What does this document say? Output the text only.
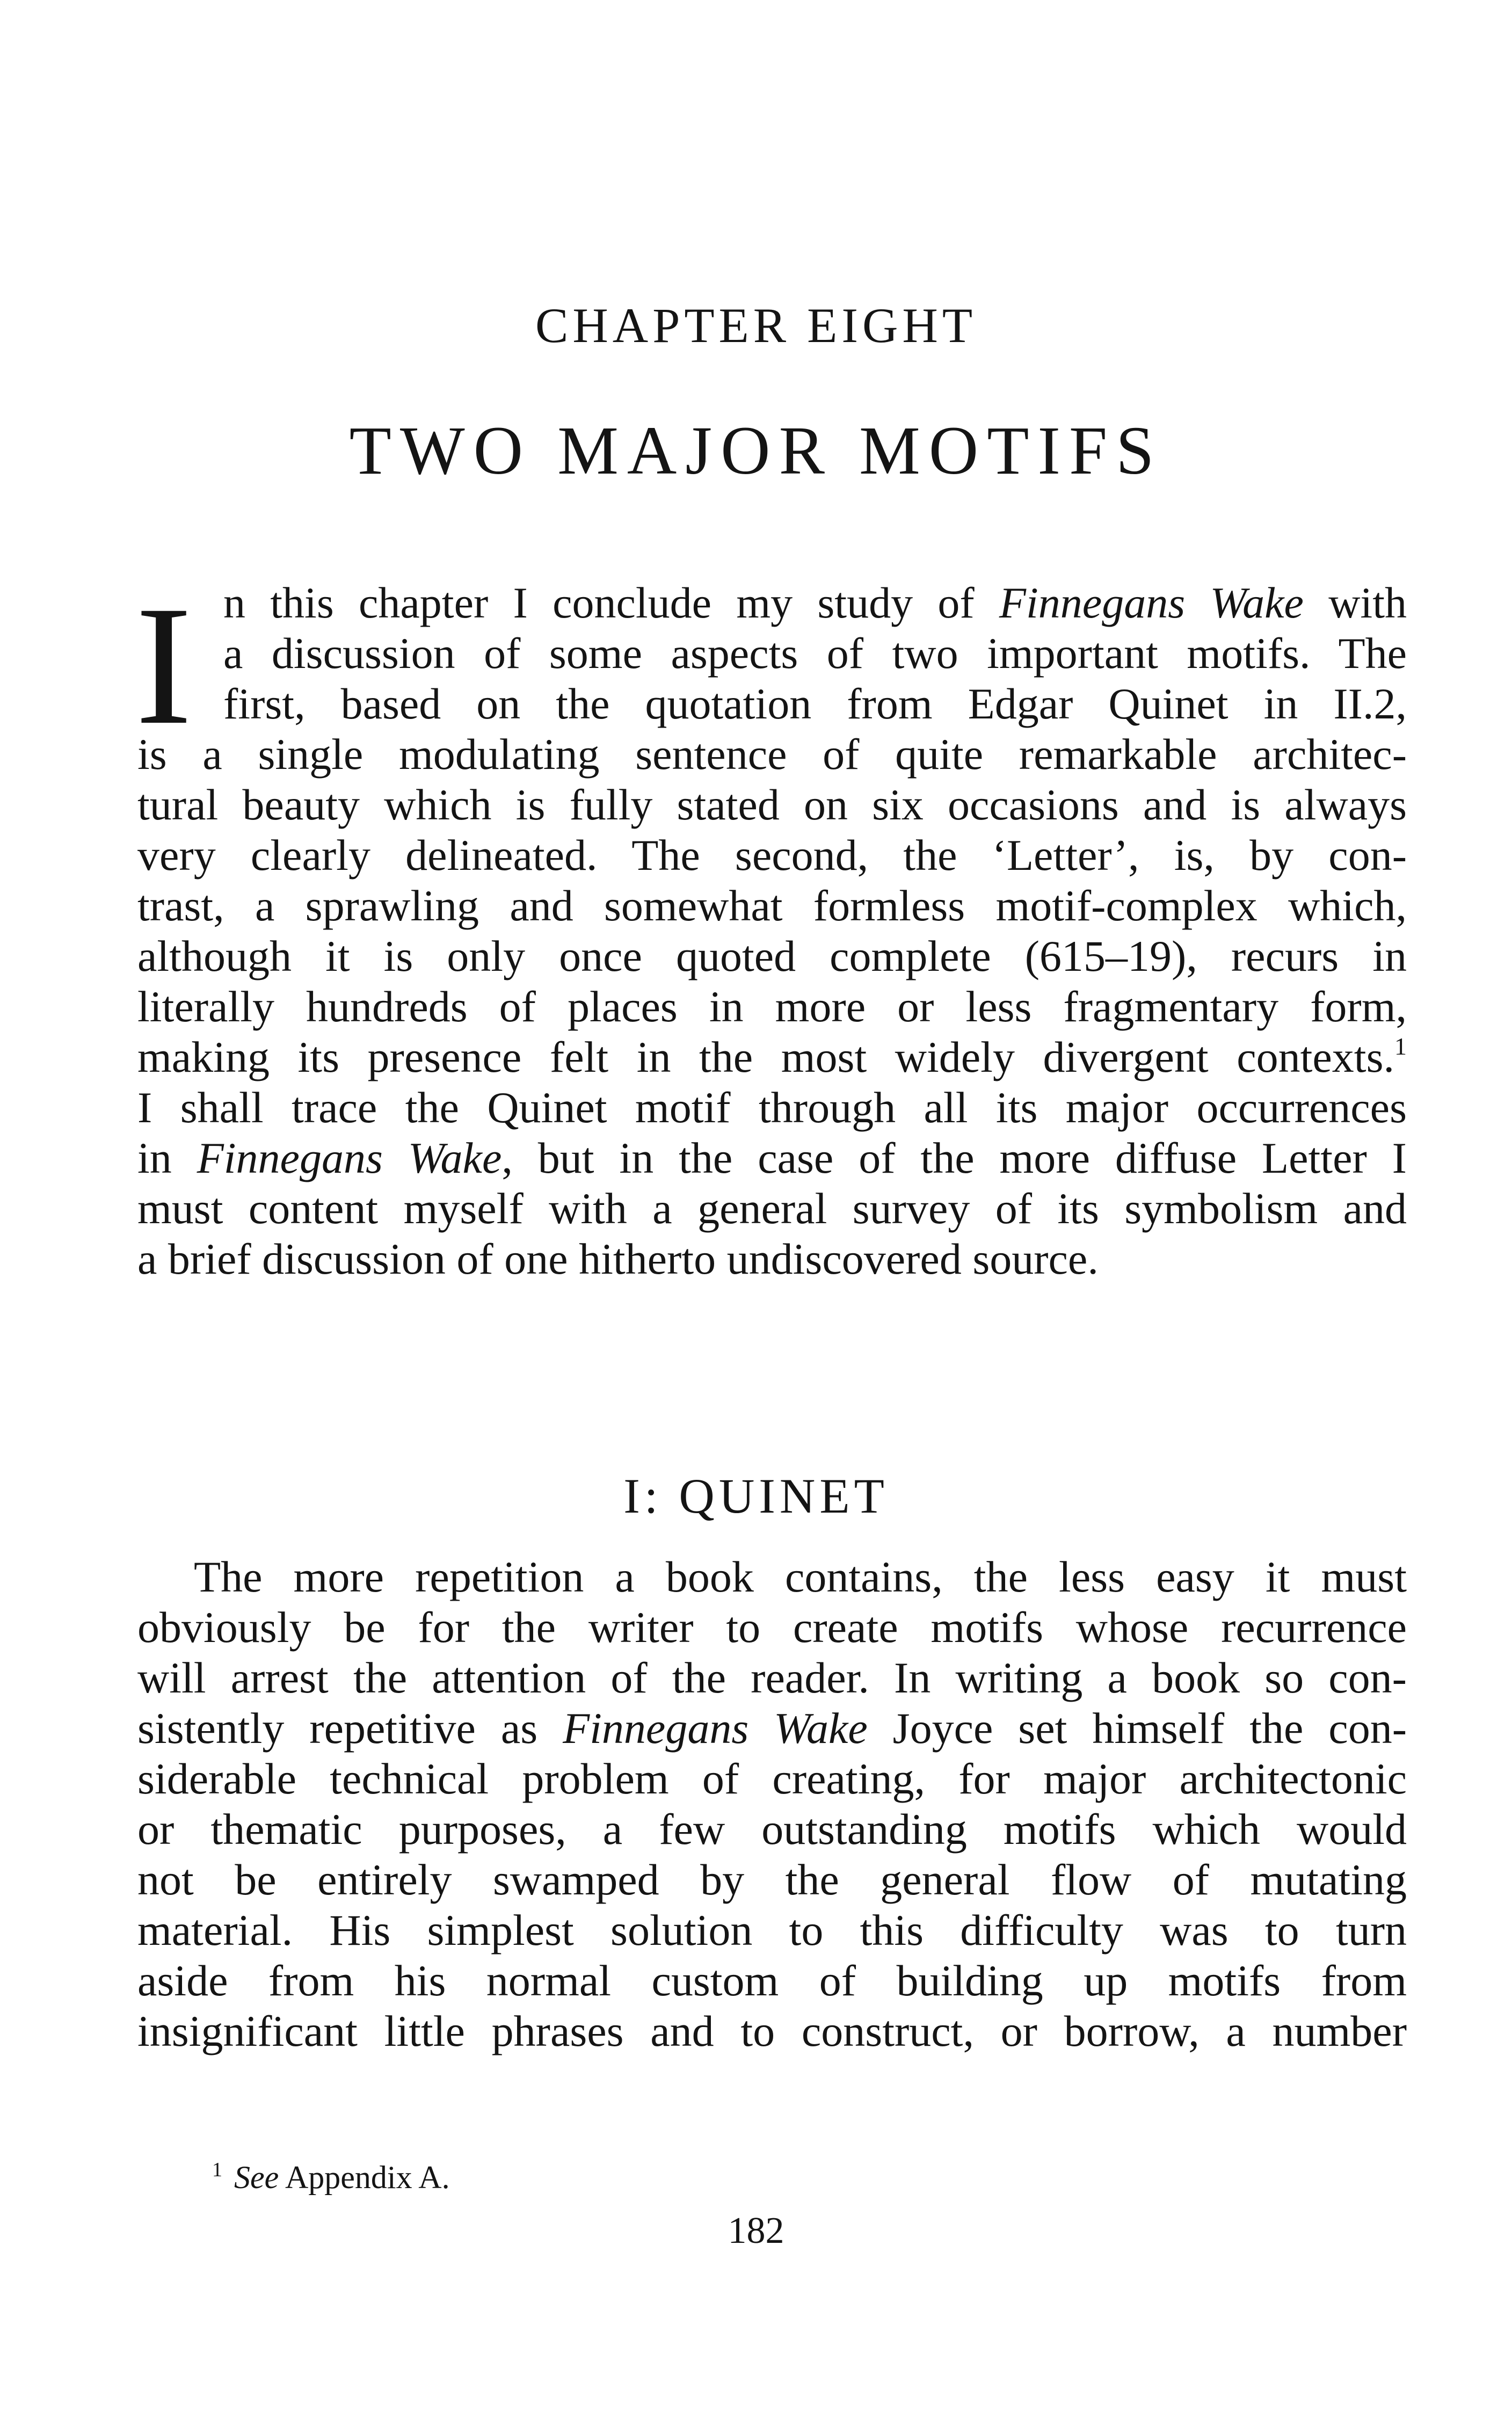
CHAPTER EIGHT
TWO MAJOR MOTIFS
I n this chapter I conclude my study of Finnegans Wake with
a discussion of some aspects of two important motifs. The
first, based on the quotation from Edgar Quinet in II.2,
is a single modulating sentence of quite remarkable architec-
tural beauty which is fully stated on six occasions and is always
very clearly delineated. The second, the ‘Letter’, is, by con-
trast, a sprawling and somewhat formless motif-complex which,
although it is only once quoted complete (615–19), recurs in
literally hundreds of places in more or less fragmentary form,
making its presence felt in the most widely divergent contexts.$^1$
I shall trace the Quinet motif through all its major occurrences
in Finnegans Wake, but in the case of the more diffuse Letter I
must content myself with a general survey of its symbolism and
a brief discussion of one hitherto undiscovered source.
I: QUINET
The more repetition a book contains, the less easy it must
obviously be for the writer to create motifs whose recurrence
will arrest the attention of the reader. In writing a book so con-
sistently repetitive as Finnegans Wake Joyce set himself the con-
siderable technical problem of creating, for major architectonic
or thematic purposes, a few outstanding motifs which would
not be entirely swamped by the general flow of mutating
material. His simplest solution to this difficulty was to turn
aside from his normal custom of building up motifs from
insignificant little phrases and to construct, or borrow, a number
$^1$ See Appendix A.
182
